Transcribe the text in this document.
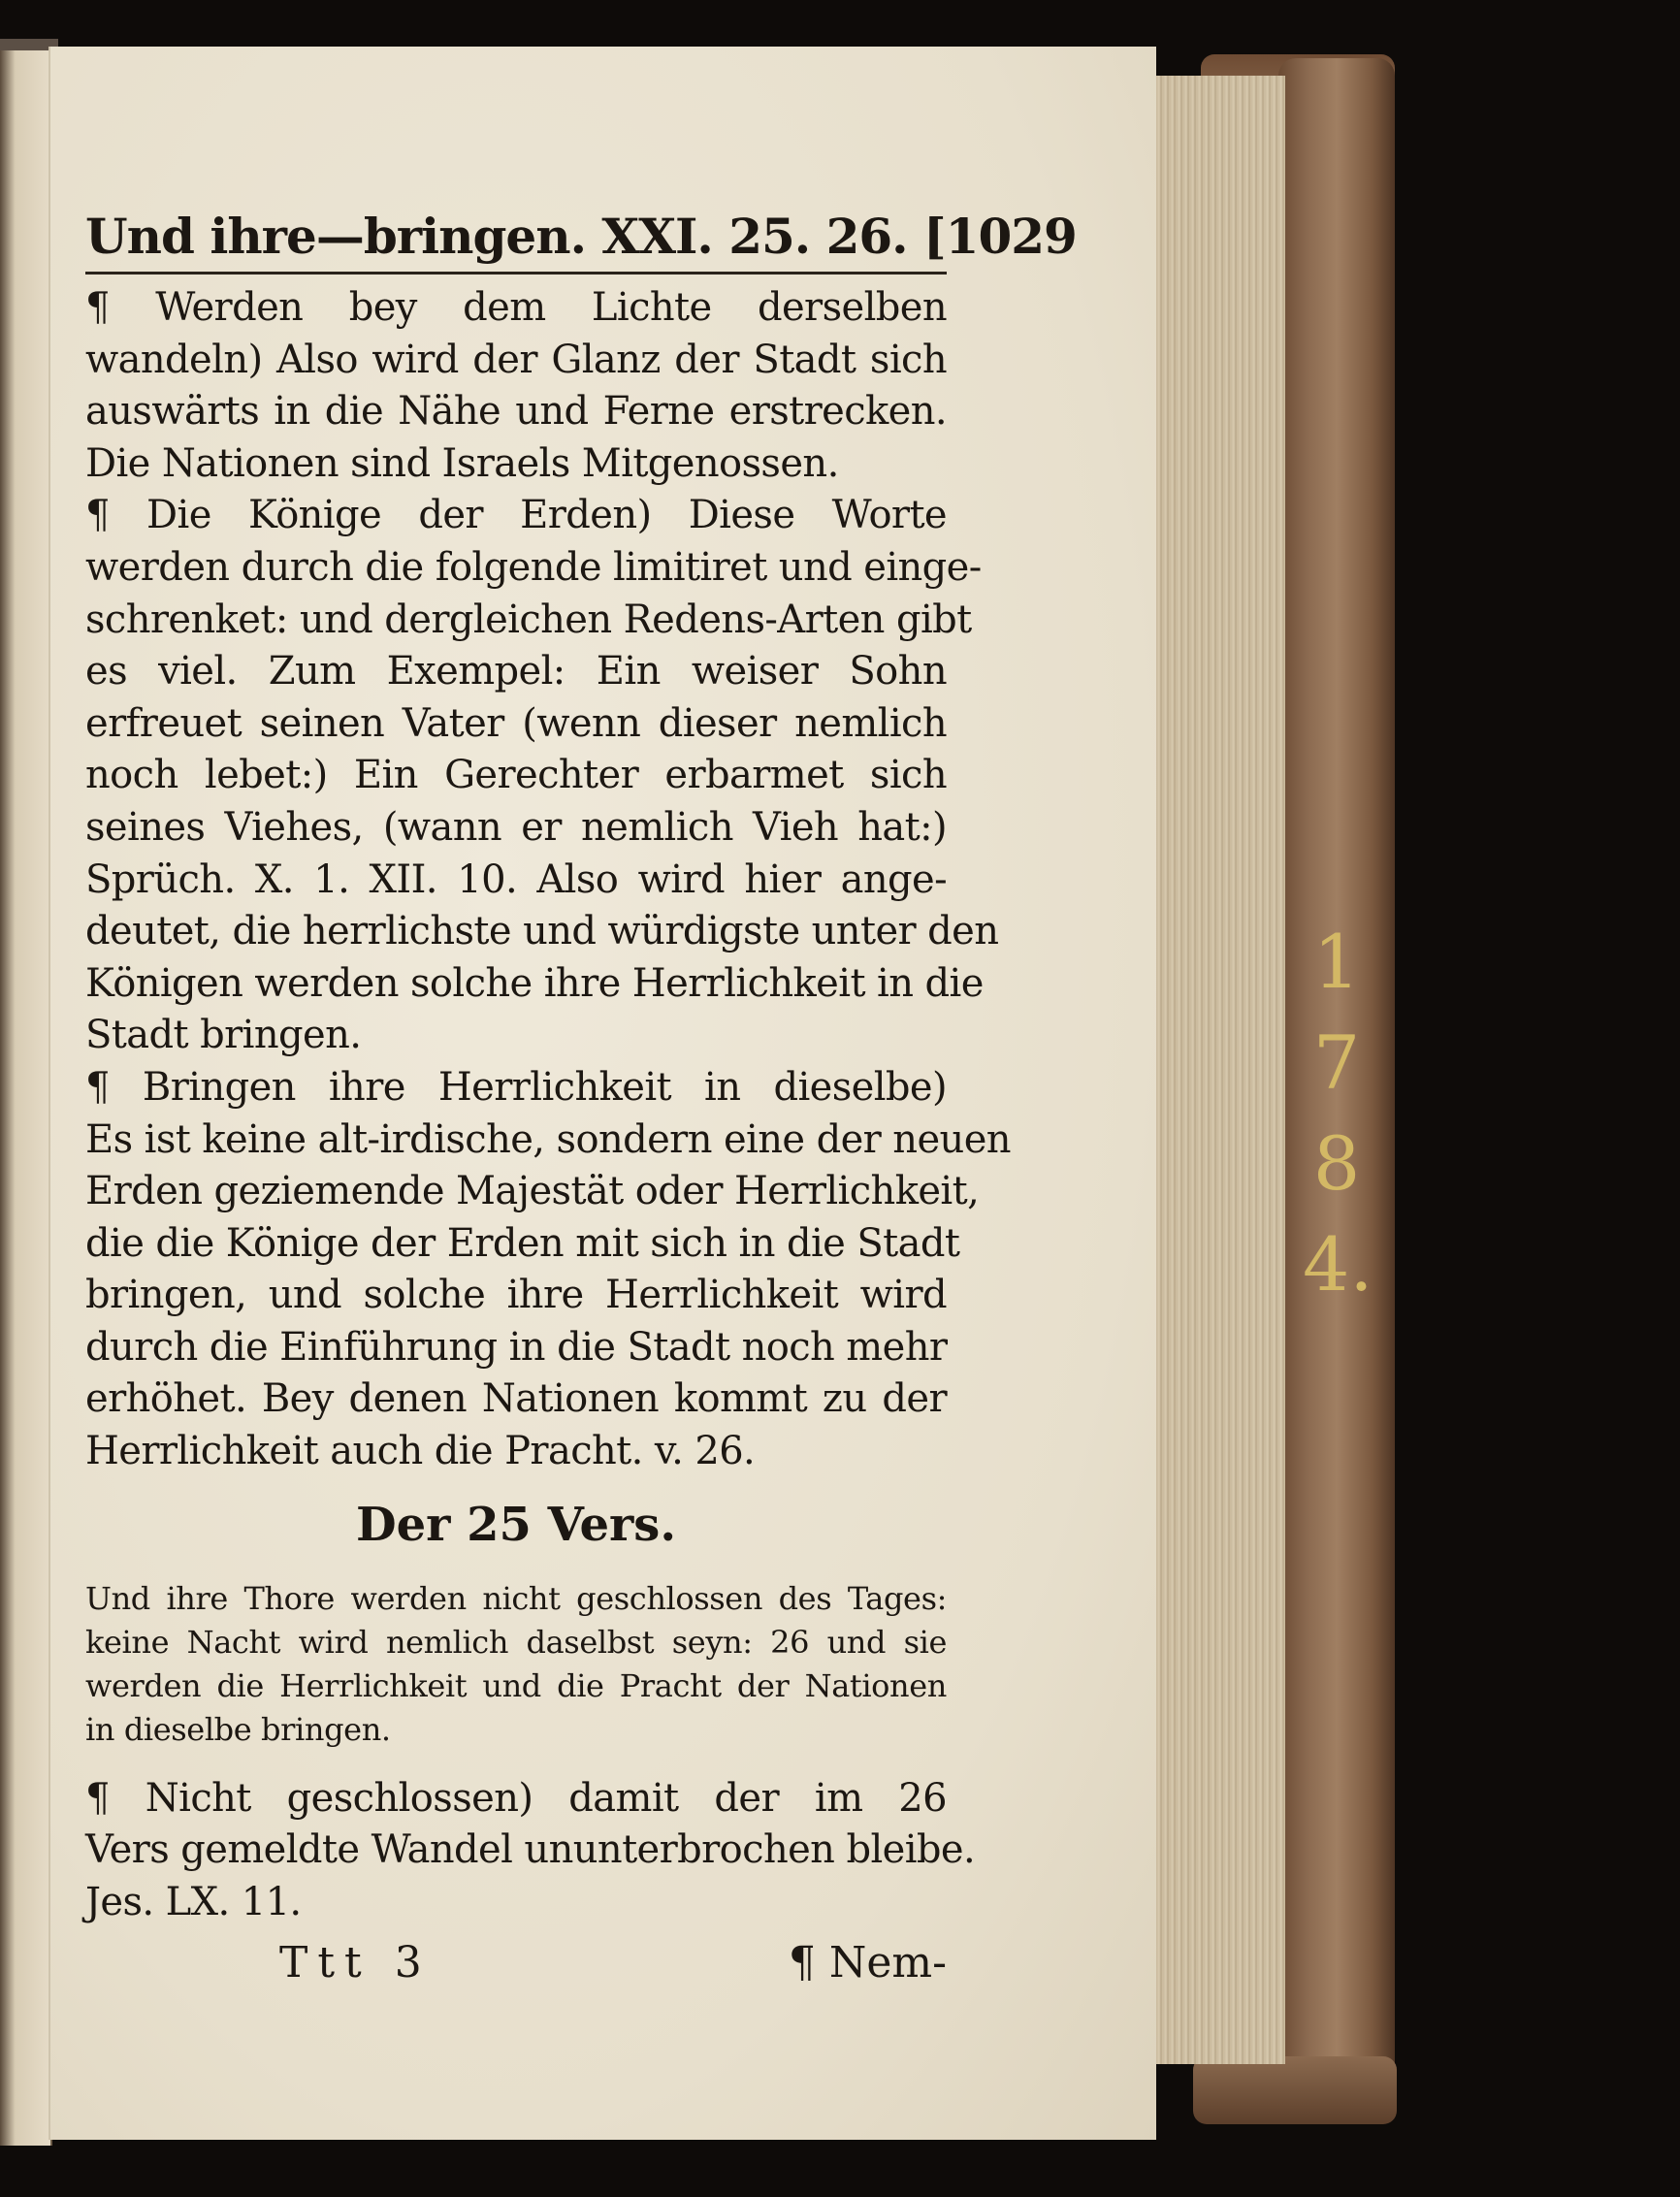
1
7
8
4.
Und ihre—bringen. XXI. 25. 26. [1029
¶ Werden bey dem Lichte derselben
wandeln) Also wird der Glanz der Stadt sich
auswärts in die Nähe und Ferne erstrecken.
Die Nationen sind Israels Mitgenossen.
¶ Die Könige der Erden) Diese Worte
werden durch die folgende limitiret und einge-
schrenket: und dergleichen Redens-Arten gibt
es viel. Zum Exempel: Ein weiser Sohn
erfreuet seinen Vater (wenn dieser nemlich
noch lebet:) Ein Gerechter erbarmet sich
seines Viehes, (wann er nemlich Vieh hat:)
Sprüch. X. 1. XII. 10. Also wird hier ange-
deutet, die herrlichste und würdigste unter den
Königen werden solche ihre Herrlichkeit in die
Stadt bringen.
¶ Bringen ihre Herrlichkeit in dieselbe)
Es ist keine alt-irdische, sondern eine der neuen
Erden geziemende Majestät oder Herrlichkeit,
die die Könige der Erden mit sich in die Stadt
bringen, und solche ihre Herrlichkeit wird
durch die Einführung in die Stadt noch mehr
erhöhet. Bey denen Nationen kommt zu der
Herrlichkeit auch die Pracht. v. 26.
Der 25 Vers.
Und ihre Thore werden nicht geschlossen des Tages:
keine Nacht wird nemlich daselbst seyn: 26 und sie
werden die Herrlichkeit und die Pracht der Nationen
in dieselbe bringen.
¶ Nicht geschlossen) damit der im 26
Vers gemeldte Wandel ununterbrochen bleibe.
Jes. LX. 11.
Ttt 3	¶ Nem-
